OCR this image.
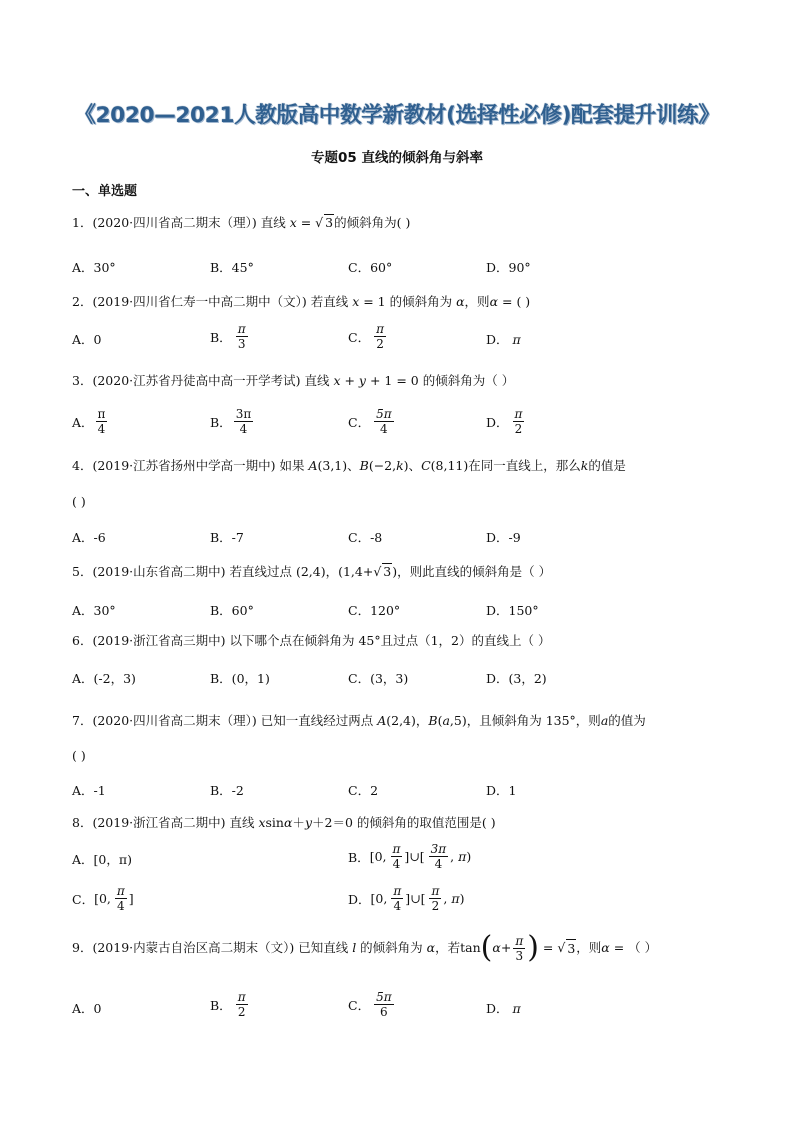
《2020—2021人教版高中数学新教材(选择性必修)配套提升训练》
专题05 直线的倾斜角与斜率
一、单选题
1．(2020·四川省高二期末（理）) 直线 x = √ 3的倾斜角为( )
A．30°	B．45°	C．60°	D．90°
2．(2019·四川省仁寿一中高二期中（文）) 若直线 x = 1 的倾斜角为 α，则α = ( )
A． 0	B． $\frac{\pi}{3}$	C． $\frac{\pi}{2}$	D． π
3．(2020·江苏省丹徒高中高一开学考试) 直线 x + y + 1 = 0 的倾斜角为（ ）
A． $\frac{\pi}{4}$	B． $\frac{3\pi}{4}$	C． $\frac{5\pi}{4}$	D． $\frac{\pi}{2}$
4．(2019·江苏省扬州中学高一期中) 如果 A(3,1)、B(−2,k)、C(8,11)在同一直线上，那么k的值是
( )
A．-6	B．-7	C．-8	D．-9
5．(2019·山东省高二期中) 若直线过点 (2,4)，(1,4+√ 3)，则此直线的倾斜角是（ ）
A．30°	B．60°	C．120°	D．150°
6．(2019·浙江省高三期中) 以下哪个点在倾斜角为 45°且过点（1，2）的直线上（ ）
A．(-2，3)	B．(0，1)	C．(3，3)	D．(3，2)
7．(2020·四川省高二期末（理）) 已知一直线经过两点 A(2,4)，B(a,5)，且倾斜角为 135°，则a的值为
( )
A．-1	B．-2	C．2	D．1
8．(2019·浙江省高二期中) 直线 xsinα＋y＋2＝0 的倾斜角的取值范围是( )
A．[0，π)	B． [0, $\frac{\pi}{4}$ ]∪[ $\frac{3\pi}{4}$ , π )
C． [0, $\frac{\pi}{4}$ ]	D． [0, $\frac{\pi}{4}$ ]∪[ $\frac{\pi}{2}$ , π )
9．(2019·内蒙古自治区高二期末（文）) 已知直线 l 的倾斜角为 α ，若 tan ( $\alpha + \frac{\pi}{3}$ ) = √ 3 ，则 α = （ ）
A．0	B． $\frac{\pi}{2}$	C． $\frac{5\pi}{6}$	D． π
